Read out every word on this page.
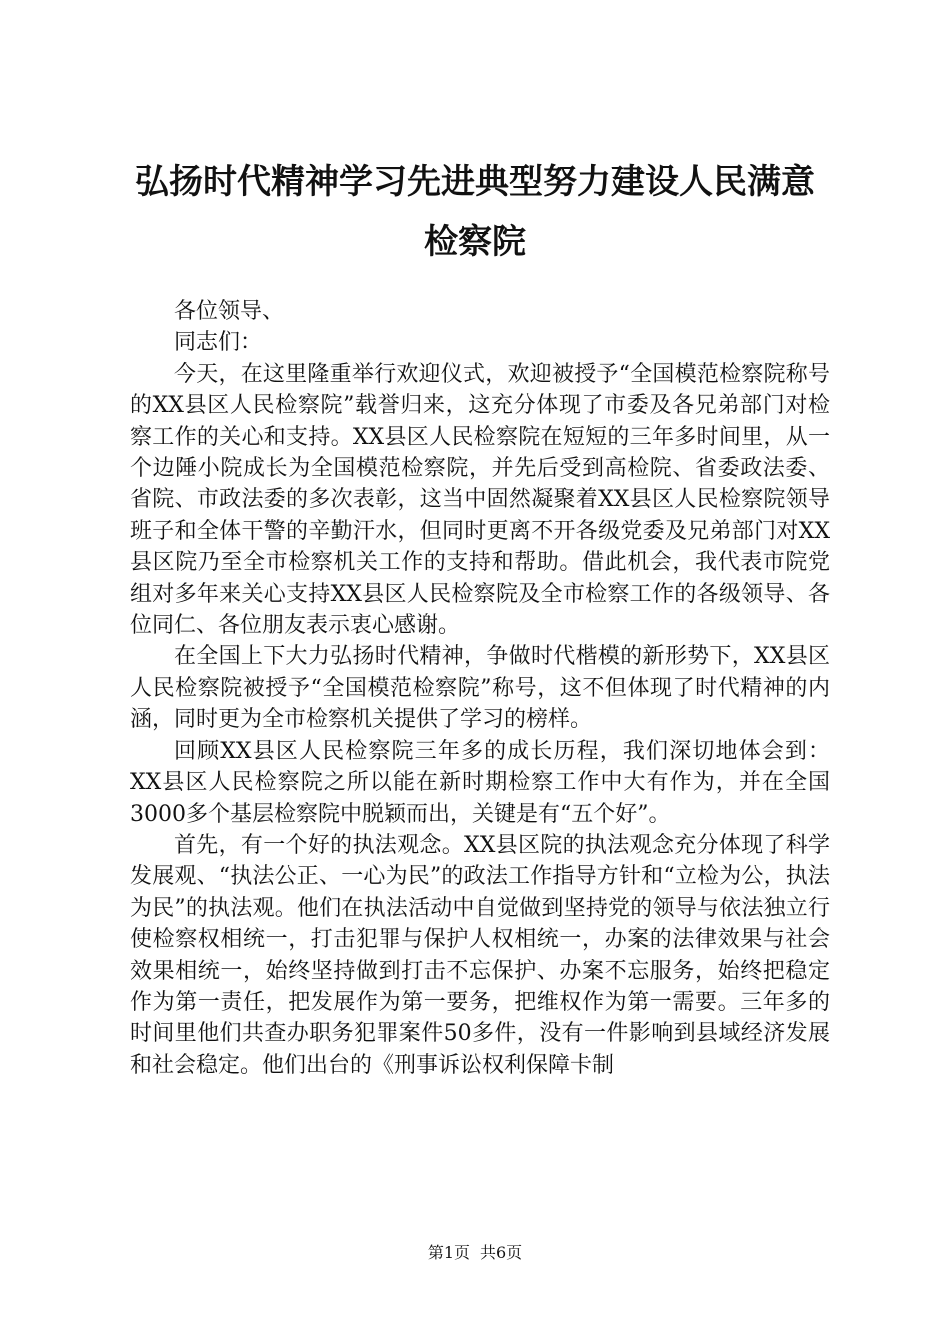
弘扬时代精神学习先进典型努力建设人民满意
检察院

各位领导、

同志们：

今天，在这里隆重举行欢迎仪式，欢迎被授予“全国模范检察院称号的XX县区人民检察院”载誉归来，这充分体现了市委及各兄弟部门对检察工作的关心和支持。XX县区人民检察院在短短的三年多时间里，从一个边陲小院成长为全国模范检察院，并先后受到高检院、省委政法委、省院、市政法委的多次表彰，这当中固然凝聚着XX县区人民检察院领导班子和全体干警的辛勤汗水，但同时更离不开各级党委及兄弟部门对XX县区院乃至全市检察机关工作的支持和帮助。借此机会，我代表市院党组对多年来关心支持XX县区人民检察院及全市检察工作的各级领导、各位同仁、各位朋友表示衷心感谢。

在全国上下大力弘扬时代精神，争做时代楷模的新形势下，XX县区人民检察院被授予“全国模范检察院”称号，这不但体现了时代精神的内涵，同时更为全市检察机关提供了学习的榜样。

回顾XX县区人民检察院三年多的成长历程，我们深切地体会到：XX县区人民检察院之所以能在新时期检察工作中大有作为，并在全国3000多个基层检察院中脱颖而出，关键是有“五个好”。

首先，有一个好的执法观念。XX县区院的执法观念充分体现了科学发展观、“执法公正、一心为民”的政法工作指导方针和“立检为公，执法为民”的执法观。他们在执法活动中自觉做到坚持党的领导与依法独立行使检察权相统一，打击犯罪与保护人权相统一，办案的法律效果与社会效果相统一，始终坚持做到打击不忘保护、办案不忘服务，始终把稳定作为第一责任，把发展作为第一要务，把维权作为第一需要。三年多的时间里他们共查办职务犯罪案件50多件，没有一件影响到县域经济发展和社会稳定。他们出台的《刑事诉讼权利保障卡制

第1页 共6页
